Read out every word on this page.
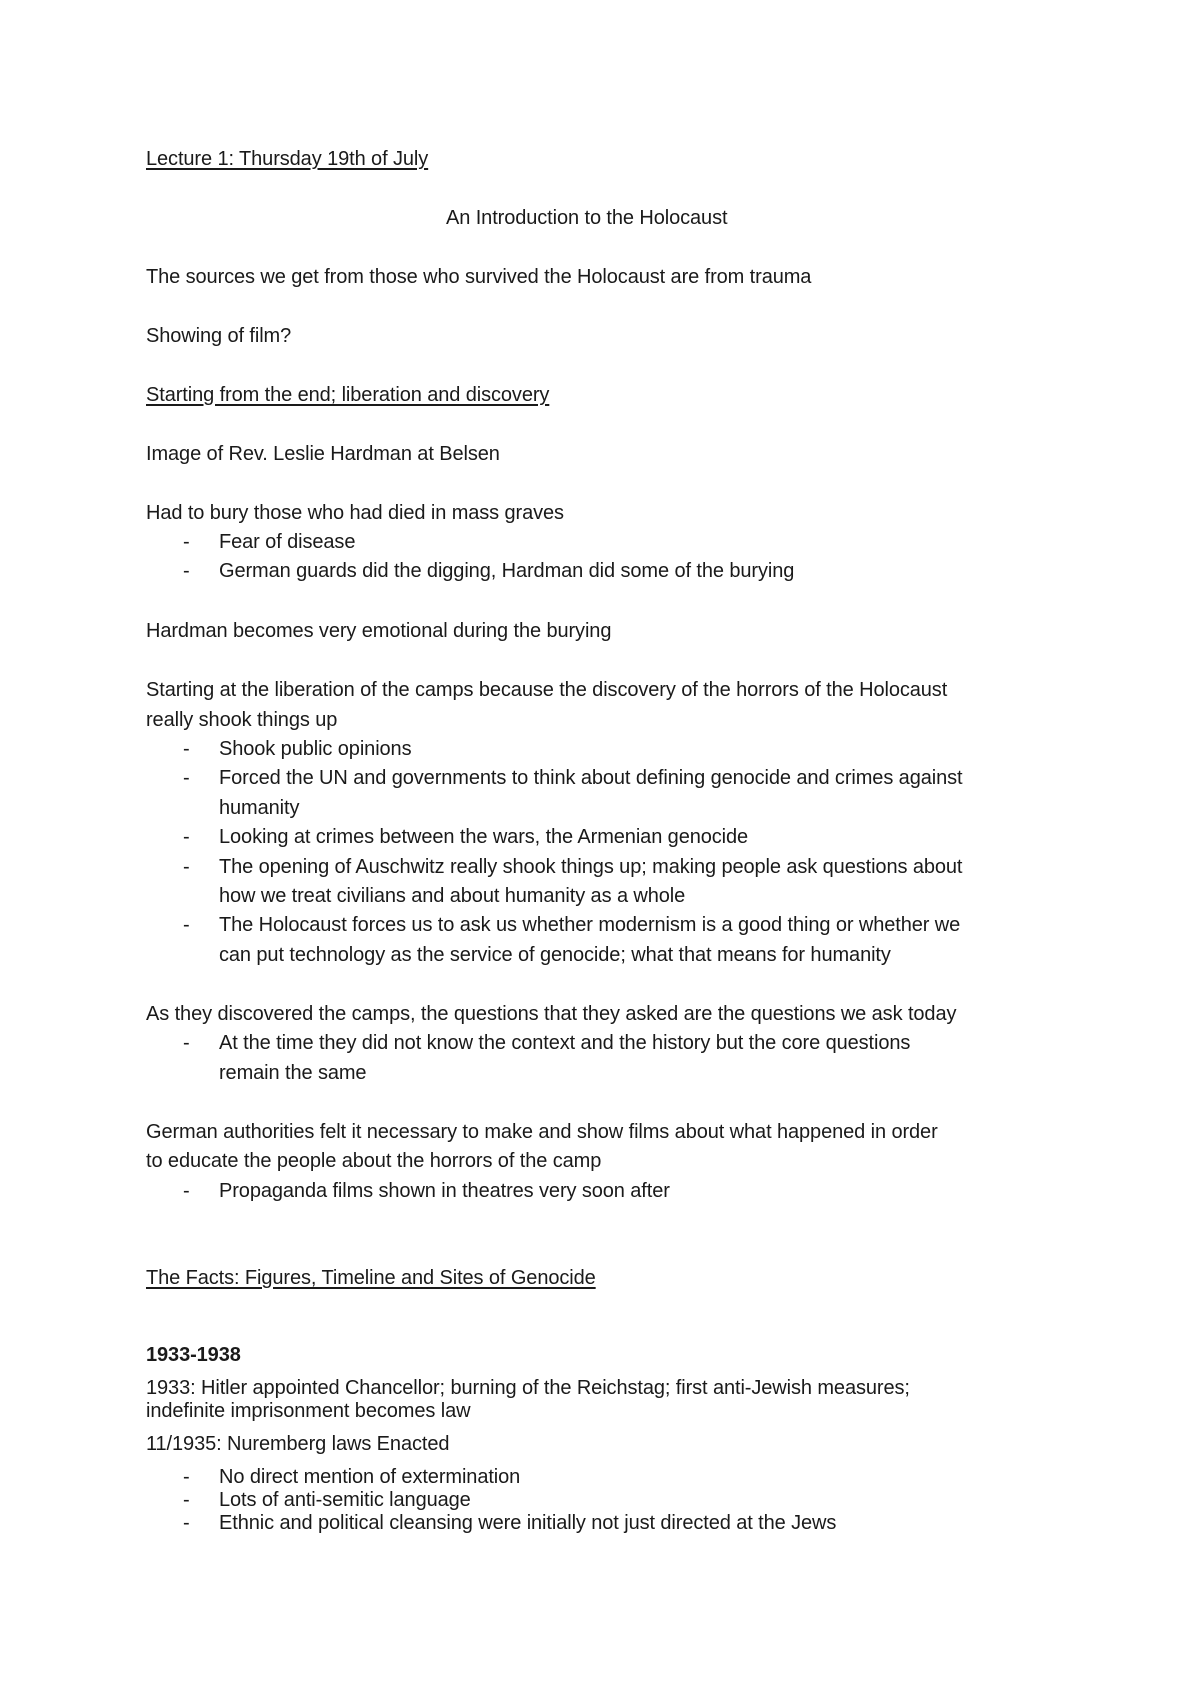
Lecture 1: Thursday 19th of July

An Introduction to the Holocaust

The sources we get from those who survived the Holocaust are from trauma

Showing of film?

Starting from the end; liberation and discovery

Image of Rev. Leslie Hardman at Belsen

Had to bury those who had died in mass graves

- Fear of disease

- German guards did the digging, Hardman did some of the burying

Hardman becomes very emotional during the burying

Starting at the liberation of the camps because the discovery of the horrors of the Holocaust

really shook things up

- Shook public opinions

- Forced the UN and governments to think about defining genocide and crimes against

humanity

- Looking at crimes between the wars, the Armenian genocide

- The opening of Auschwitz really shook things up; making people ask questions about

how we treat civilians and about humanity as a whole

- The Holocaust forces us to ask us whether modernism is a good thing or whether we

can put technology as the service of genocide; what that means for humanity

As they discovered the camps, the questions that they asked are the questions we ask today

- At the time they did not know the context and the history but the core questions

remain the same

German authorities felt it necessary to make and show films about what happened in order

to educate the people about the horrors of the camp

- Propaganda films shown in theatres very soon after

The Facts: Figures, Timeline and Sites of Genocide

1933-1938

1933: Hitler appointed Chancellor; burning of the Reichstag; first anti-Jewish measures;

indefinite imprisonment becomes law

11/1935: Nuremberg laws Enacted

- No direct mention of extermination

- Lots of anti-semitic language

- Ethnic and political cleansing were initially not just directed at the Jews
